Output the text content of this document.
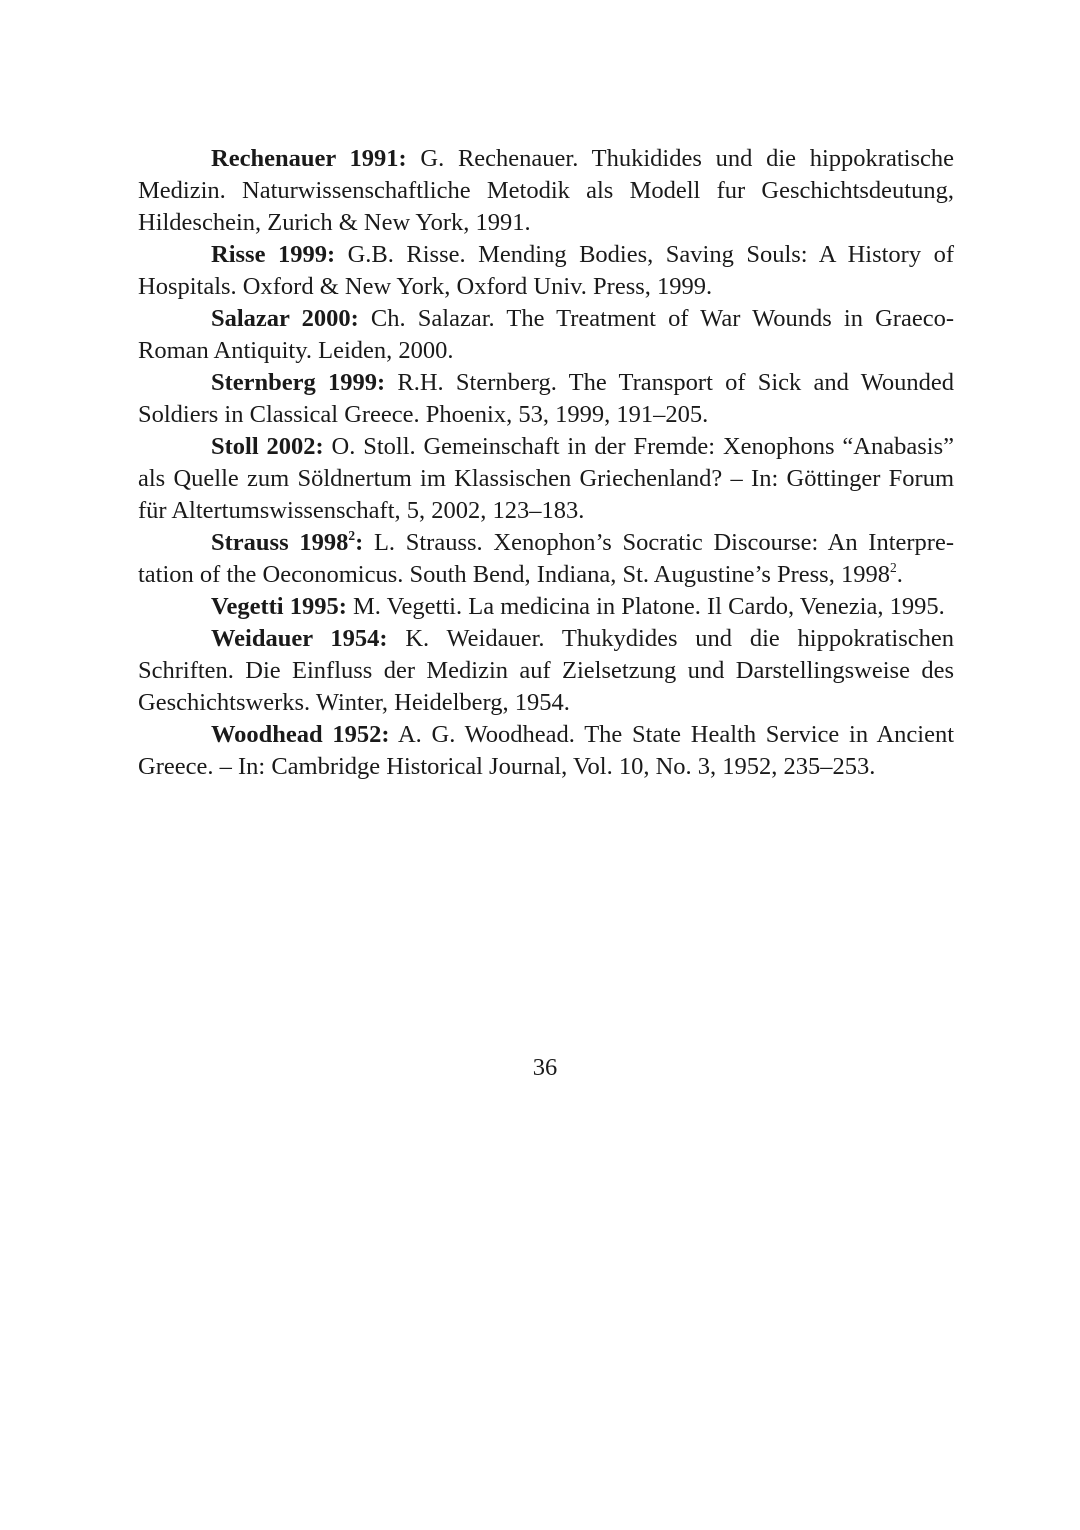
Rechenauer 1991: G. Rechenauer. Thukidides und die hippokratische Medizin. Naturwissenschaftliche Metodik als Modell fur Geschichtsdeutung, Hildeschein, Zurich & New York, 1991.

Risse 1999: G.B. Risse. Mending Bodies, Saving Souls: A History of Hospitals. Oxford & New York, Oxford Univ. Press, 1999.

Salazar 2000: Ch. Salazar. The Treatment of War Wounds in Graeco-Roman Antiquity. Leiden, 2000.

Sternberg 1999: R.H. Sternberg. The Transport of Sick and Wounded Soldiers in Classical Greece. Phoenix, 53, 1999, 191–205.

Stoll 2002: O. Stoll. Gemeinschaft in der Fremde: Xenophons “Anabasis” als Quelle zum Söldnertum im Klassischen Griechenland? – In: Göttinger Forum für Altertumswissenschaft, 5, 2002, 123–183.

Strauss 1998$^2$: L. Strauss. Xenophon’s Socratic Discourse: An Interpretation of the Oeconomicus. South Bend, Indiana, St. Augustine’s Press, 1998$^2$.

Vegetti 1995: M. Vegetti. La medicina in Platone. Il Cardo, Venezia, 1995.

Weidauer 1954: K. Weidauer. Thukydides und die hippokratischen Schriften. Die Einfluss der Medizin auf Zielsetzung und Darstellingsweise des Geschichtswerks. Winter, Heidelberg, 1954.

Woodhead 1952: A. G. Woodhead. The State Health Service in Ancient Greece. – In: Cambridge Historical Journal, Vol. 10, No. 3, 1952, 235–253.

36
